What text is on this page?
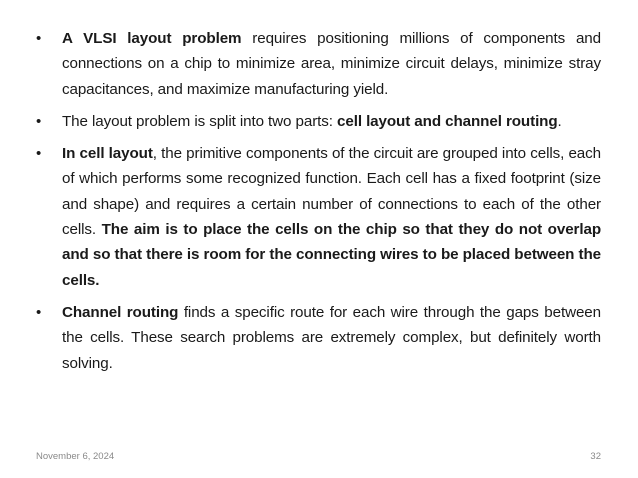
• A VLSI layout problem requires positioning millions of components and connections on a chip to minimize area, minimize circuit delays, minimize stray capacitances, and maximize manufacturing yield.
• The layout problem is split into two parts: cell layout and channel routing.
• In cell layout, the primitive components of the circuit are grouped into cells, each of which performs some recognized function. Each cell has a fixed footprint (size and shape) and requires a certain number of connections to each of the other cells. The aim is to place the cells on the chip so that they do not overlap and so that there is room for the connecting wires to be placed between the cells.
• Channel routing finds a specific route for each wire through the gaps between the cells. These search problems are extremely complex, but definitely worth solving.
November 6, 2024	32
